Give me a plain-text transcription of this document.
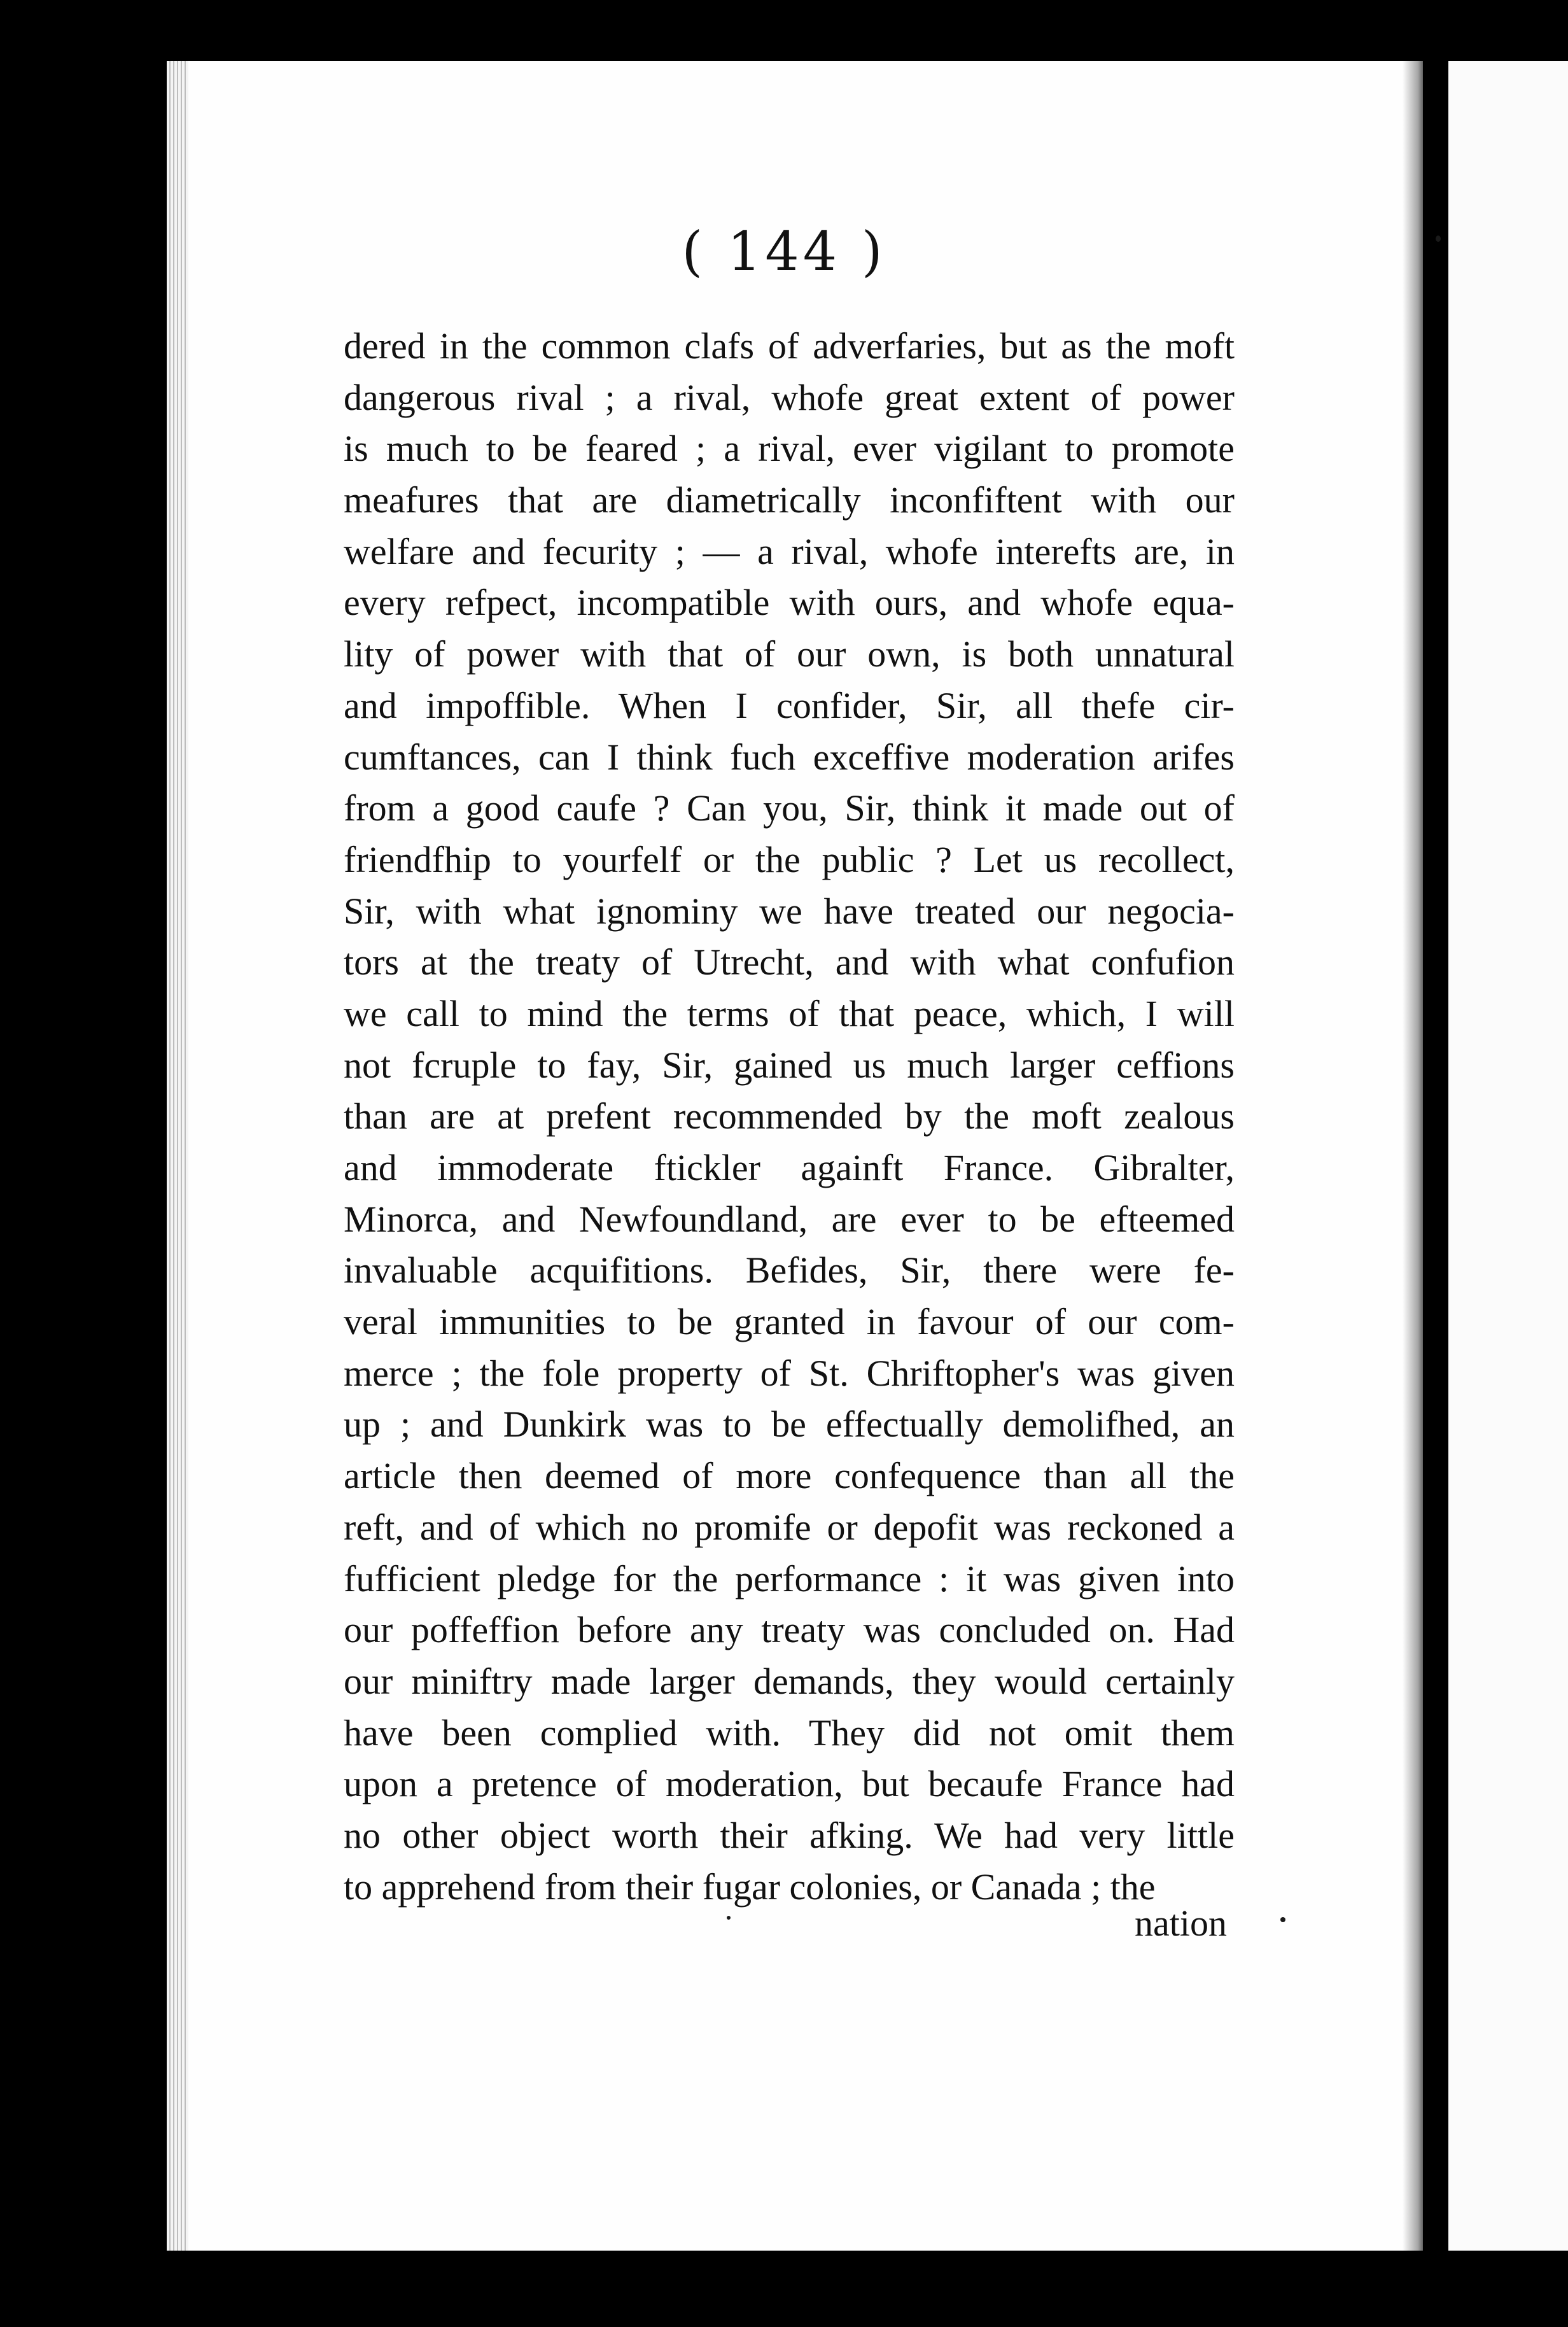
( 144 )
dered in the common clafs of adverfaries, but as the moft
dangerous rival ; a rival, whofe great extent of power
is much to be feared ; a rival, ever vigilant to promote
meafures that are diametrically inconfiftent with our
welfare and fecurity ; — a rival, whofe interefts are, in
every refpect, incompatible with ours, and whofe equa-
lity of power with that of our own, is both unnatural
and impoffible. When I confider, Sir, all thefe cir-
cumftances, can I think fuch exceffive moderation arifes
from a good caufe ? Can you, Sir, think it made out of
friendfhip to yourfelf or the public ? Let us recollect,
Sir, with what ignominy we have treated our negocia-
tors at the treaty of Utrecht, and with what confufion
we call to mind the terms of that peace, which, I will
not fcruple to fay, Sir, gained us much larger ceffions
than are at prefent recommended by the moft zealous
and immoderate ftickler againft France. Gibralter,
Minorca, and Newfoundland, are ever to be efteemed
invaluable acquifitions. Befides, Sir, there were fe-
veral immunities to be granted in favour of our com-
merce ; the fole property of St. Chriftopher's was given
up ; and Dunkirk was to be effectually demolifhed, an
article then deemed of more confequence than all the
reft, and of which no promife or depofit was reckoned a
fufficient pledge for the performance : it was given into
our poffeffion before any treaty was concluded on. Had
our miniftry made larger demands, they would certainly
have been complied with. They did not omit them
upon a pretence of moderation, but becaufe France had
no other object worth their afking. We had very little
to apprehend from their fugar colonies, or Canada ; the
nation
